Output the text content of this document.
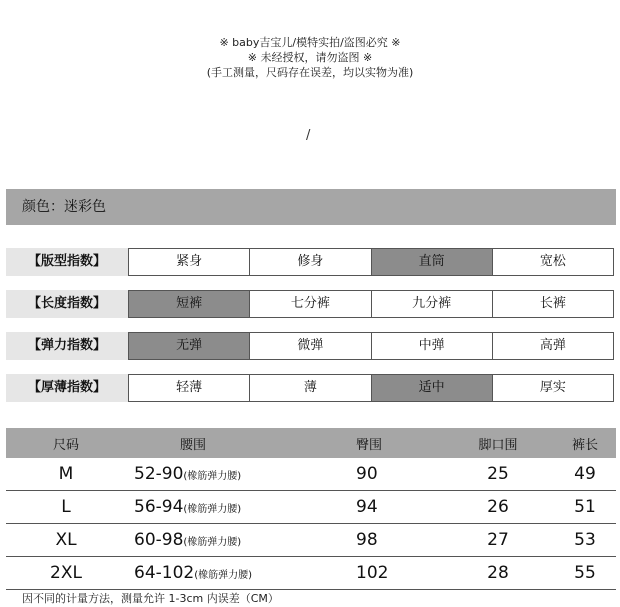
※ baby吉宝儿/模特实拍/盗图必究 ※
※ 未经授权，请勿盗图 ※
(手工测量，尺码存在误差，均以实物为准)
/
颜色：迷彩色
【版型指数】	紧身	修身	直筒	宽松
【长度指数】	短裤	七分裤	九分裤	长裤
【弹力指数】	无弹	微弹	中弹	高弹
【厚薄指数】	轻薄	薄	适中	厚实
尺码	腰围	臀围	脚口围	裤长
M	52-90(橡筋弹力腰)	90	25	49
L	56-94(橡筋弹力腰)	94	26	51
XL	60-98(橡筋弹力腰)	98	27	53
2XL	64-102(橡筋弹力腰)	102	28	55
因不同的计量方法，测量允许 1-3cm 内误差（CM）
